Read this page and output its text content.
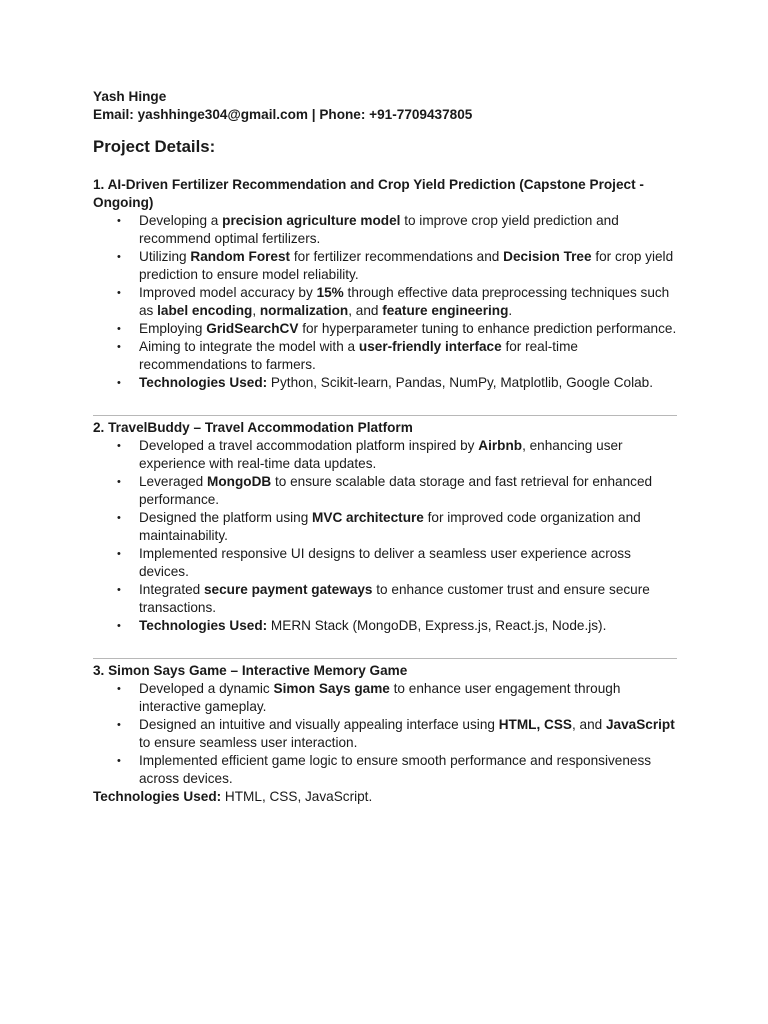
Yash Hinge
Email: yashhinge304@gmail.com | Phone: +91-7709437805
Project Details:
1. AI-Driven Fertilizer Recommendation and Crop Yield Prediction (Capstone Project - Ongoing)
• Developing a precision agriculture model to improve crop yield prediction and recommend optimal fertilizers.
• Utilizing Random Forest for fertilizer recommendations and Decision Tree for crop yield prediction to ensure model reliability.
• Improved model accuracy by 15% through effective data preprocessing techniques such as label encoding, normalization, and feature engineering.
• Employing GridSearchCV for hyperparameter tuning to enhance prediction performance.
• Aiming to integrate the model with a user-friendly interface for real-time recommendations to farmers.
• Technologies Used: Python, Scikit-learn, Pandas, NumPy, Matplotlib, Google Colab.
2. TravelBuddy – Travel Accommodation Platform
• Developed a travel accommodation platform inspired by Airbnb, enhancing user experience with real-time data updates.
• Leveraged MongoDB to ensure scalable data storage and fast retrieval for enhanced performance.
• Designed the platform using MVC architecture for improved code organization and maintainability.
• Implemented responsive UI designs to deliver a seamless user experience across devices.
• Integrated secure payment gateways to enhance customer trust and ensure secure transactions.
• Technologies Used: MERN Stack (MongoDB, Express.js, React.js, Node.js).
3. Simon Says Game – Interactive Memory Game
• Developed a dynamic Simon Says game to enhance user engagement through interactive gameplay.
• Designed an intuitive and visually appealing interface using HTML, CSS, and JavaScript to ensure seamless user interaction.
• Implemented efficient game logic to ensure smooth performance and responsiveness across devices.
Technologies Used: HTML, CSS, JavaScript.
